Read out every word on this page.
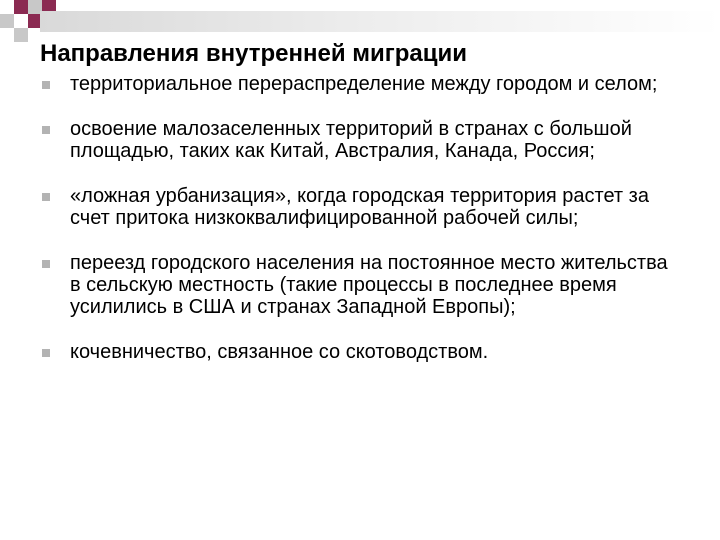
Направления внутренней миграции
территориальное перераспределение между городом и селом;
освоение малозаселенных территорий в странах с большой площадью, таких как Китай, Австралия, Канада, Россия;
«ложная урбанизация», когда городская территория растет за счет притока низкоквалифицированной рабочей силы;
переезд городского населения на постоянное место жительства в сельскую местность (такие процессы в последнее время усилились в США и странах Западной Европы);
кочевничество, связанное со скотоводством.
